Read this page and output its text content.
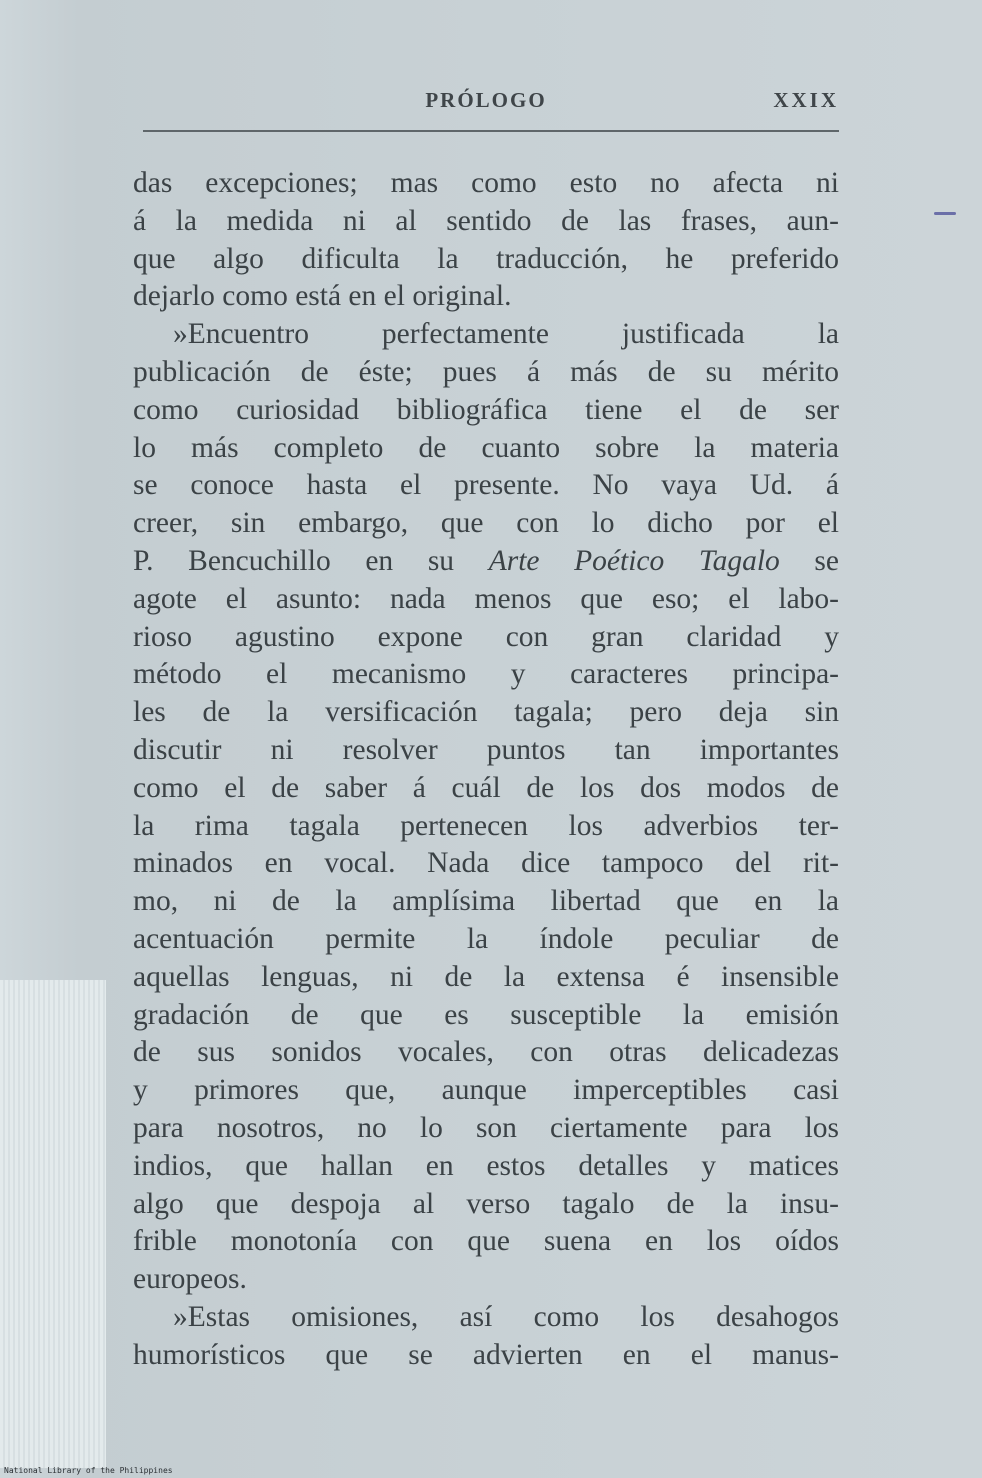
PRÓLOGO	XXIX
das excepciones; mas como esto no afecta ni
á la medida ni al sentido de las frases, aun-
que algo dificulta la traducción, he preferido
dejarlo como está en el original.
»Encuentro perfectamente justificada la
publicación de éste; pues á más de su mérito
como curiosidad bibliográfica tiene el de ser
lo más completo de cuanto sobre la materia
se conoce hasta el presente. No vaya Ud. á
creer, sin embargo, que con lo dicho por el
P. Bencuchillo en su Arte Poético Tagalo se
agote el asunto: nada menos que eso; el labo-
rioso agustino expone con gran claridad y
método el mecanismo y caracteres principa-
les de la versificación tagala; pero deja sin
discutir ni resolver puntos tan importantes
como el de saber á cuál de los dos modos de
la rima tagala pertenecen los adverbios ter-
minados en vocal. Nada dice tampoco del rit-
mo, ni de la amplísima libertad que en la
acentuación permite la índole peculiar de
aquellas lenguas, ni de la extensa é insensible
gradación de que es susceptible la emisión
de sus sonidos vocales, con otras delicadezas
y primores que, aunque imperceptibles casi
para nosotros, no lo son ciertamente para los
indios, que hallan en estos detalles y matices
algo que despoja al verso tagalo de la insu-
frible monotonía con que suena en los oídos
europeos.
»Estas omisiones, así como los desahogos
humorísticos que se advierten en el manus-
National Library of the Philippines
